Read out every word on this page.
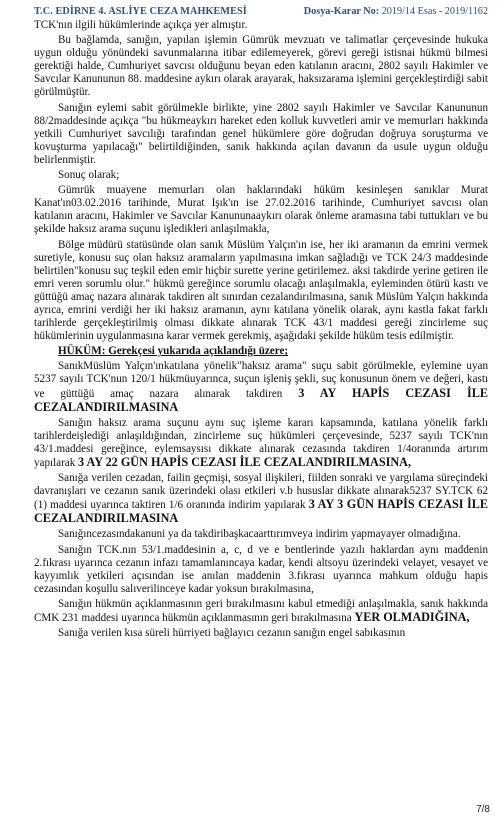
T.C. EDİRNE 4. ASLİYE CEZA MAHKEMESİ	Dosya-Karar No: 2019/14 Esas - 2019/1162

TCK'nın ilgili hükümlerinde açıkça yer almıştır.

Bu bağlamda, sanığın, yapılan işlemin Gümrük mevzuatı ve talimatlar çerçevesinde hukuka uygun olduğu yönündeki savunmalarına itibar edilemeyerek, görevi gereği istisnai hükmü bilmesi gerektiği halde, Cumhuriyet savcısı olduğunu beyan eden katılanın aracını, 2802 sayılı Hakimler ve Savcılar Kanununun 88. maddesine aykırı olarak arayarak, haksızarama işlemini gerçekleştirdiği sabit görülmüştür.

Sanığın eylemi sabit görülmekle birlikte, yine 2802 sayılı Hakimler ve Savcılar Kanununun 88/2maddesinde açıkça "bu hükmeaykırı hareket eden kolluk kuvvetleri amir ve memurları hakkında yetkili Cumhuriyet savcılığı tarafından genel hükümlere göre doğrudan doğruya soruşturma ve kovuşturma yapılacağı" belirtildiğinden, sanık hakkında açılan davanın da usule uygun olduğu belirlenmiştir.

Sonuç olarak;

Gümrük muayene memurları olan haklarındaki hüküm kesinleşen sanıklar Murat Kanat'ın03.02.2016 tarihinde, Murat Işık'ın ise 27.02.2016 tarihinde, Cumhuriyet savcısı olan katılanın aracını, Hakimler ve Savcılar Kanununaaykırı olarak önleme aramasına tabi tuttukları ve bu şekilde haksız arama suçunu işledikleri anlaşılmakla,

Bölge müdürü statüsünde olan sanık Müslüm Yalçın'ın ise, her iki aramanın da emrini vermek suretiyle, konusu suç olan haksız aramaların yapılmasına imkan sağladığı ve TCK 24/3 maddesinde belirtilen"konusu suç teşkil eden emir hiçbir surette yerine getirilemez. aksi takdirde yerine getiren ile emri veren sorumlu olur." hükmü gereğince sorumlu olacağı anlaşılmakla, eyleminden ötürü kastı ve güttüğü amaç nazara alınarak takdiren alt sınırdan cezalandırılmasına, sanık Müslüm Yalçın hakkında ayrıca, emrini verdiği her iki haksız aramanın, aynı katılana yönelik olarak, aynı kastla fakat farklı tarihlerde gerçekleştirilmiş olması dikkate alınarak TCK 43/1 maddesi gereği zincirleme suç hükümlerinin uygulanmasına karar vermek gerekmiş, aşağıdaki şekilde hüküm tesis edilmiştir.

HÜKÜM: Gerekçesi yukarıda açıklandığı üzere;

SanıkMüslüm Yalçın'ınkatılana yönelik"haksız arama" suçu sabit görülmekle, eylemine uyan 5237 sayılı TCK'nun 120/1 hükmüuyarınca, suçun işleniş şekli, suç konusunun önem ve değeri, kastı ve güttüğü amaç nazara alınarak takdiren 3 AY HAPİS CEZASI İLE CEZALANDIRILMASINA

Sanığın haksız arama suçunu aynı suç işleme kararı kapsamında, katılana yönelik farklı tarihlerdeişlediği anlaşıldığından, zincirleme suç hükümleri çerçevesinde, 5237 sayılı TCK'nın 43/1.maddesi gereğince, eylemsaysısı dikkate alınarak cezasında takdiren 1/4oranında artırım yapılarak 3 AY 22 GÜN HAPİS CEZASI İLE CEZALANDIRILMASINA,

Sanığa verilen cezadan, failin geçmişi, sosyal ilişkileri, fiilden sonraki ve yargılama süreçindeki davranışları ve cezanın sanık üzerindeki olası etkileri v.b hususlar dikkate alınarak5237 SY.TCK 62 (1) maddesi uyarınca taktiren 1/6 oranında indirim yapılarak 3 AY 3 GÜN HAPİS CEZASI İLE CEZALANDIRILMASINA

Sanığıncezasındakanuni ya da takdiribaşkacaarttırımveya indirim yapmayayer olmadığına.

Sanığın TCK.nın 53/1.maddesinin a, c, d ve e bentlerinde yazılı haklardan aynı maddenin 2.fıkrası uyarınca cezanın infazı tamamlanıncaya kadar, kendi altsoyu üzerindeki velayet, vesayet ve kayyımlık yetkileri açısından ise anılan maddenin 3.fıkrası uyarınca mahkum olduğu hapis cezasından koşullu salıverilinceye kadar yoksun bırakılmasına,

Sanığın hükmün açıklanmasının geri bırakılmasını kabul etmediği anlaşılmakla, sanık hakkında CMK 231 maddesi uyarınca hükmün açıklanmasının geri bırakılmasına YER OLMADIĞINA,

Sanığa verilen kısa süreli hürriyeti bağlayıcı cezanın sanığın engel sabıkasının

7/8
